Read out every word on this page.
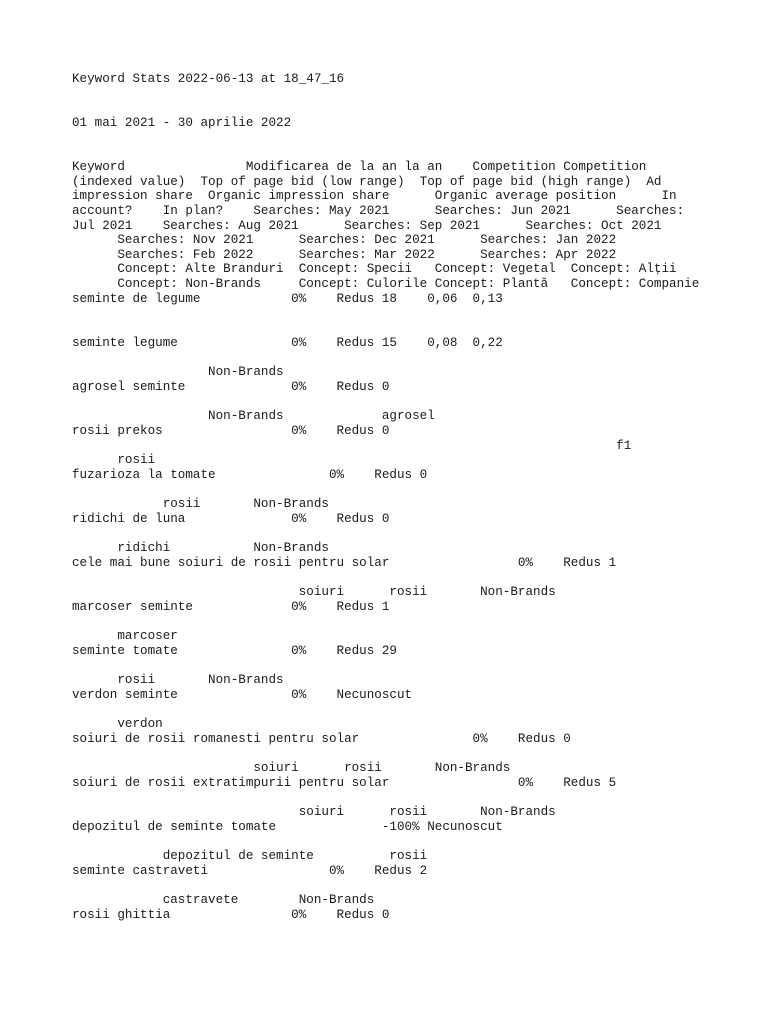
Keyword Stats 2022-06-13 at 18_47_16
01 mai 2021 - 30 aprilie 2022
Keyword                Modificarea de la an la an    Competition Competition
(indexed value)  Top of page bid (low range)  Top of page bid (high range)  Ad
impression share  Organic impression share      Organic average position      In
account?    In plan?    Searches: May 2021      Searches: Jun 2021      Searches:
Jul 2021    Searches: Aug 2021      Searches: Sep 2021      Searches: Oct 2021
Searches: Nov 2021      Searches: Dec 2021      Searches: Jan 2022
Searches: Feb 2022      Searches: Mar 2022      Searches: Apr 2022
Concept: Alte Branduri  Concept: Specii   Concept: Vegetal  Concept: Alții
Concept: Non-Brands     Concept: Culorile Concept: Plantă   Concept: Companie
seminte de legume            0%    Redus 18    0,06  0,13
seminte legume               0%    Redus 15    0,08  0,22
Non-Brands
agrosel seminte              0%    Redus 0
Non-Brands             agrosel
rosii prekos                 0%    Redus 0
f1
rosii
fuzarioza la tomate               0%    Redus 0
rosii       Non-Brands
ridichi de luna              0%    Redus 0
ridichi           Non-Brands
cele mai bune soiuri de rosii pentru solar                 0%    Redus 1
soiuri      rosii       Non-Brands
marcoser seminte             0%    Redus 1
marcoser
seminte tomate               0%    Redus 29
rosii       Non-Brands
verdon seminte               0%    Necunoscut
verdon
soiuri de rosii romanesti pentru solar               0%    Redus 0
soiuri      rosii       Non-Brands
soiuri de rosii extratimpurii pentru solar                 0%    Redus 5
soiuri      rosii       Non-Brands
depozitul de seminte tomate              -100% Necunoscut
depozitul de seminte          rosii
seminte castraveti                0%    Redus 2
castravete        Non-Brands
rosii ghittia                0%    Redus 0
